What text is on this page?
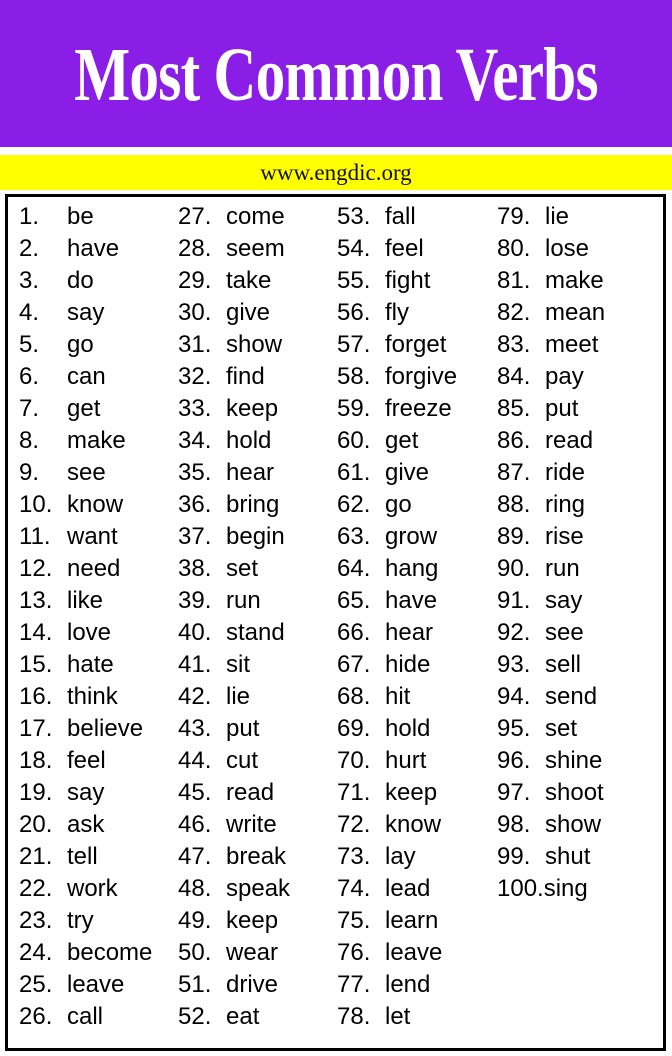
Most Common Verbs
www.engdic.org
1. be
2. have
3. do
4. say
5. go
6. can
7. get
8. make
9. see
10. know
11. want
12. need
13. like
14. love
15. hate
16. think
17. believe
18. feel
19. say
20. ask
21. tell
22. work
23. try
24. become
25. leave
26. call
27. come
28. seem
29. take
30. give
31. show
32. find
33. keep
34. hold
35. hear
36. bring
37. begin
38. set
39. run
40. stand
41. sit
42. lie
43. put
44. cut
45. read
46. write
47. break
48. speak
49. keep
50. wear
51. drive
52. eat
53. fall
54. feel
55. fight
56. fly
57. forget
58. forgive
59. freeze
60. get
61. give
62. go
63. grow
64. hang
65. have
66. hear
67. hide
68. hit
69. hold
70. hurt
71. keep
72. know
73. lay
74. lead
75. learn
76. leave
77. lend
78. let
79. lie
80. lose
81. make
82. mean
83. meet
84. pay
85. put
86. read
87. ride
88. ring
89. rise
90. run
91. say
92. see
93. sell
94. send
95. set
96. shine
97. shoot
98. show
99. shut
100.sing
